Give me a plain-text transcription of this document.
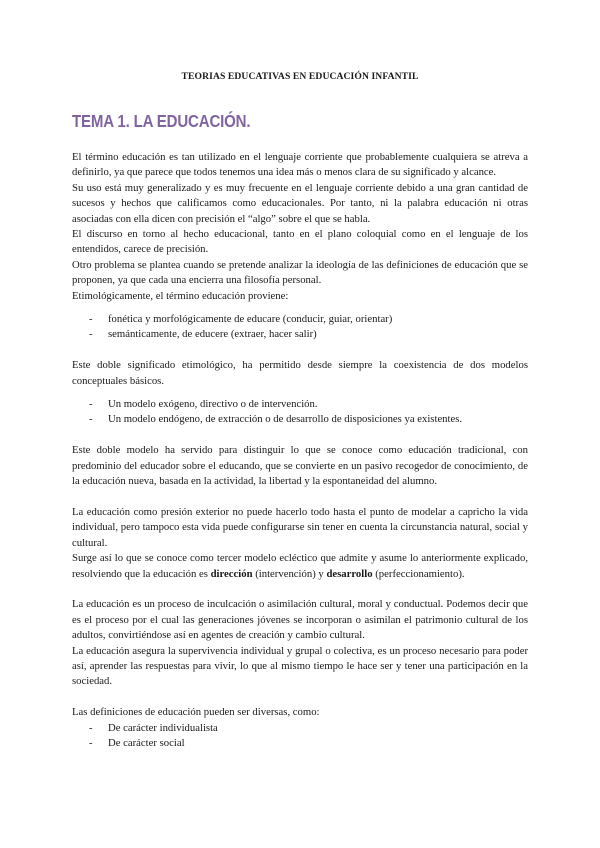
TEORIAS EDUCATIVAS EN EDUCACIÓN INFANTIL
TEMA 1. LA EDUCACIÓN.

El término educación es tan utilizado en el lenguaje corriente que probablemente cualquiera se atreva a definirlo, ya que parece que todos tenemos una idea más o menos clara de su significado y alcance.

Su uso está muy generalizado y es muy frecuente en el lenguaje corriente debido a una gran cantidad de sucesos y hechos que calificamos como educacionales. Por tanto, ni la palabra educación ni otras asociadas con ella dicen con precisión el “algo” sobre el que se habla.

El discurso en torno al hecho educacional, tanto en el plano coloquial como en el lenguaje de los entendidos, carece de precisión.

Otro problema se plantea cuando se pretende analizar la ideología de las definiciones de educación que se proponen, ya que cada una encierra una filosofía personal.

Etimológicamente, el término educación proviene:

- fonética y morfológicamente de educare (conducir, guiar, orientar)
- semánticamente, de educere (extraer, hacer salir)

Este doble significado etimológico, ha permitido desde siempre la coexistencia de dos modelos conceptuales básicos.

- Un modelo exógeno, directivo o de intervención.
- Un modelo endógeno, de extracción o de desarrollo de disposiciones ya existentes.

Este doble modelo ha servido para distinguir lo que se conoce como educación tradicional, con predominio del educador sobre el educando, que se convierte en un pasivo recogedor de conocimiento, de la educación nueva, basada en la actividad, la libertad y la espontaneidad del alumno.

La educación como presión exterior no puede hacerlo todo hasta el punto de modelar a capricho la vida individual, pero tampoco esta vida puede configurarse sin tener en cuenta la circunstancia natural, social y cultural.

Surge así lo que se conoce como tercer modelo ecléctico que admite y asume lo anteriormente explicado, resolviendo que la educación es dirección (intervención) y desarrollo (perfeccionamiento).

La educación es un proceso de inculcación o asimilación cultural, moral y conductual. Podemos decir que es el proceso por el cual las generaciones jóvenes se incorporan o asimilan el patrimonio cultural de los adultos, convirtiéndose así en agentes de creación y cambio cultural.

La educación asegura la supervivencia individual y grupal o colectiva, es un proceso necesario para poder así, aprender las respuestas para vivir, lo que al mismo tiempo le hace ser y tener una participación en la sociedad.

Las definiciones de educación pueden ser diversas, como:

- De carácter individualista
- De carácter social
